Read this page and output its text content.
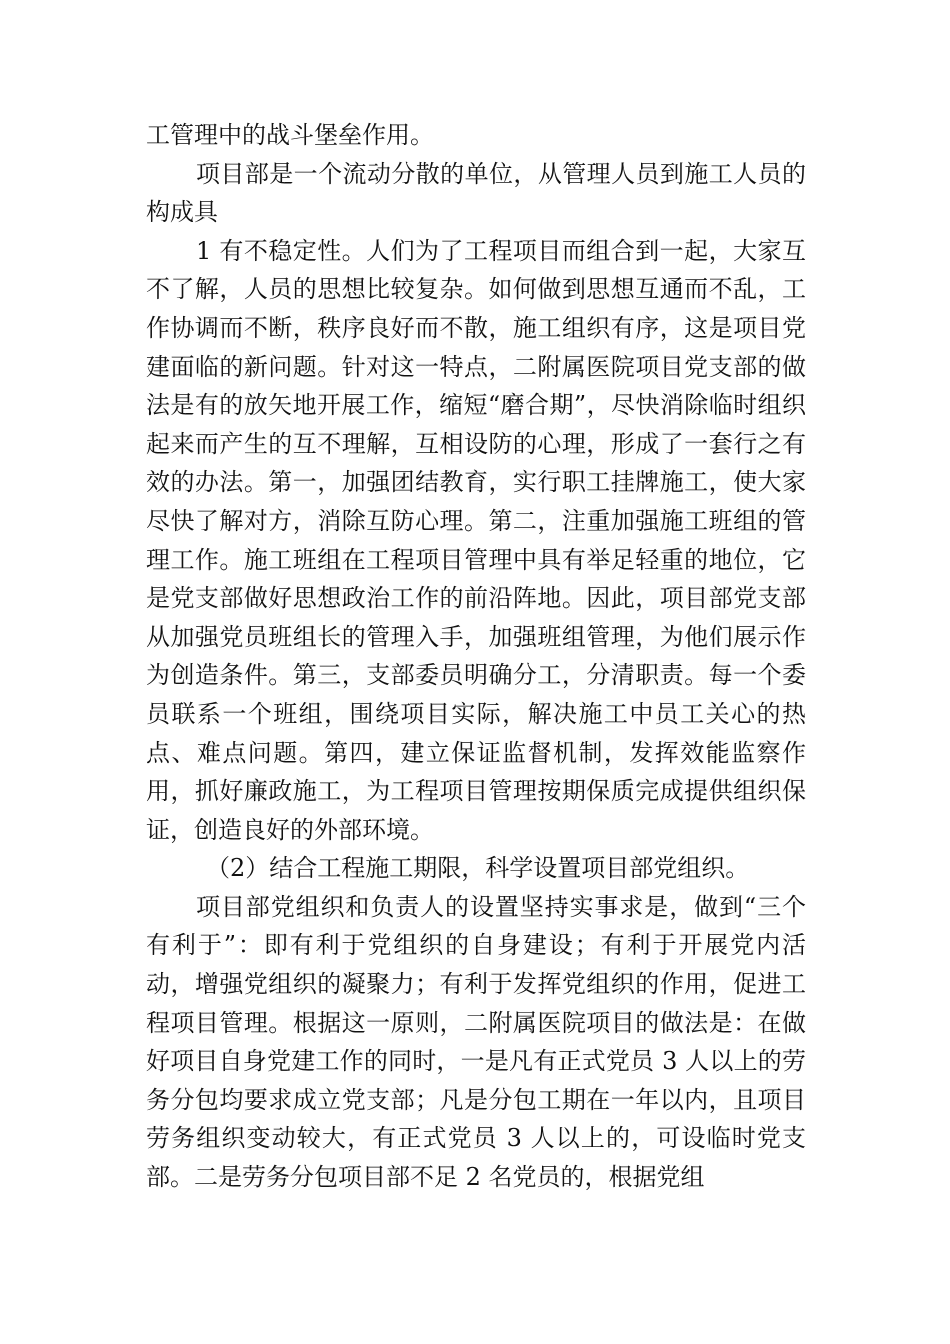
工管理中的战斗堡垒作用。

项目部是一个流动分散的单位，从管理人员到施工人员的构成具

1 有不稳定性。人们为了工程项目而组合到一起，大家互不了解，人员的思想比较复杂。如何做到思想互通而不乱，工作协调而不断，秩序良好而不散，施工组织有序，这是项目党建面临的新问题。针对这一特点，二附属医院项目党支部的做法是有的放矢地开展工作，缩短“磨合期”，尽快消除临时组织起来而产生的互不理解，互相设防的心理，形成了一套行之有效的办法。第一，加强团结教育，实行职工挂牌施工，使大家尽快了解对方，消除互防心理。第二，注重加强施工班组的管理工作。施工班组在工程项目管理中具有举足轻重的地位，它是党支部做好思想政治工作的前沿阵地。因此，项目部党支部从加强党员班组长的管理入手，加强班组管理，为他们展示作为创造条件。第三，支部委员明确分工，分清职责。每一个委员联系一个班组，围绕项目实际，解决施工中员工关心的热点、难点问题。第四，建立保证监督机制，发挥效能监察作用，抓好廉政施工，为工程项目管理按期保质完成提供组织保证，创造良好的外部环境。

（2）结合工程施工期限，科学设置项目部党组织。

项目部党组织和负责人的设置坚持实事求是，做到“三个有利于”：即有利于党组织的自身建设；有利于开展党内活动，增强党组织的凝聚力；有利于发挥党组织的作用，促进工程项目管理。根据这一原则，二附属医院项目的做法是：在做好项目自身党建工作的同时，一是凡有正式党员 3 人以上的劳务分包均要求成立党支部；凡是分包工期在一年以内，且项目劳务组织变动较大，有正式党员 3 人以上的，可设临时党支部。二是劳务分包项目部不足 2 名党员的，根据党组
